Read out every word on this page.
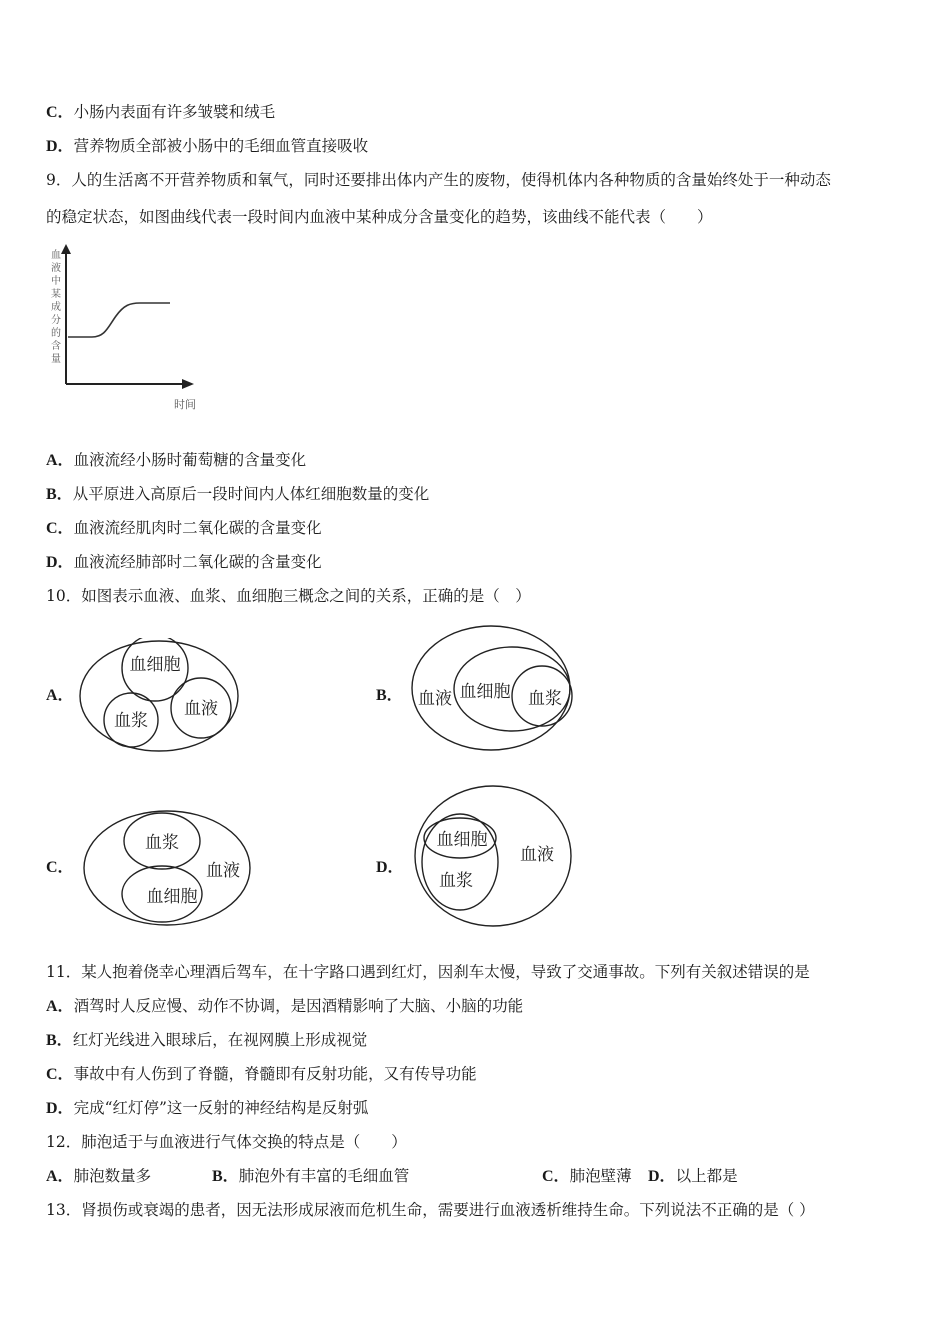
C．小肠内表面有许多皱襞和绒毛
D．营养物质全部被小肠中的毛细血管直接吸收
9．人的生活离不开营养物质和氧气，同时还要排出体内产生的废物，使得机体内各种物质的含量始终处于一种动态
的稳定状态，如图曲线代表一段时间内血液中某种成分含量变化的趋势，该曲线不能代表（　　）
血
液
中
某
成
分
的
含
量
时间
A．血液流经小肠时葡萄糖的含量变化
B．从平原进入高原后一段时间内人体红细胞数量的变化
C．血液流经肌肉时二氧化碳的含量变化
D．血液流经肺部时二氧化碳的含量变化
10．如图表示血液、血浆、血细胞三概念之间的关系，正确的是（　）
A．
血细胞
血浆
血液
B． 血液 血细胞 血浆
C．
血浆
血细胞
血液	D．
血细胞
血浆
血液
11．某人抱着侥幸心理酒后驾车，在十字路口遇到红灯，因刹车太慢，导致了交通事故。下列有关叙述错误的是
A．酒驾时人反应慢、动作不协调，是因酒精影响了大脑、小脑的功能
B．红灯光线进入眼球后，在视网膜上形成视觉
C．事故中有人伤到了脊髓，脊髓即有反射功能，又有传导功能
D．完成“红灯停”这一反射的神经结构是反射弧
12．肺泡适于与血液进行气体交换的特点是（　　）
A．肺泡数量多	B．肺泡外有丰富的毛细血管	C．肺泡壁薄 D．以上都是
13．肾损伤或衰竭的患者，因无法形成尿液而危机生命，需要进行血液透析维持生命。下列说法不正确的是（ ）
